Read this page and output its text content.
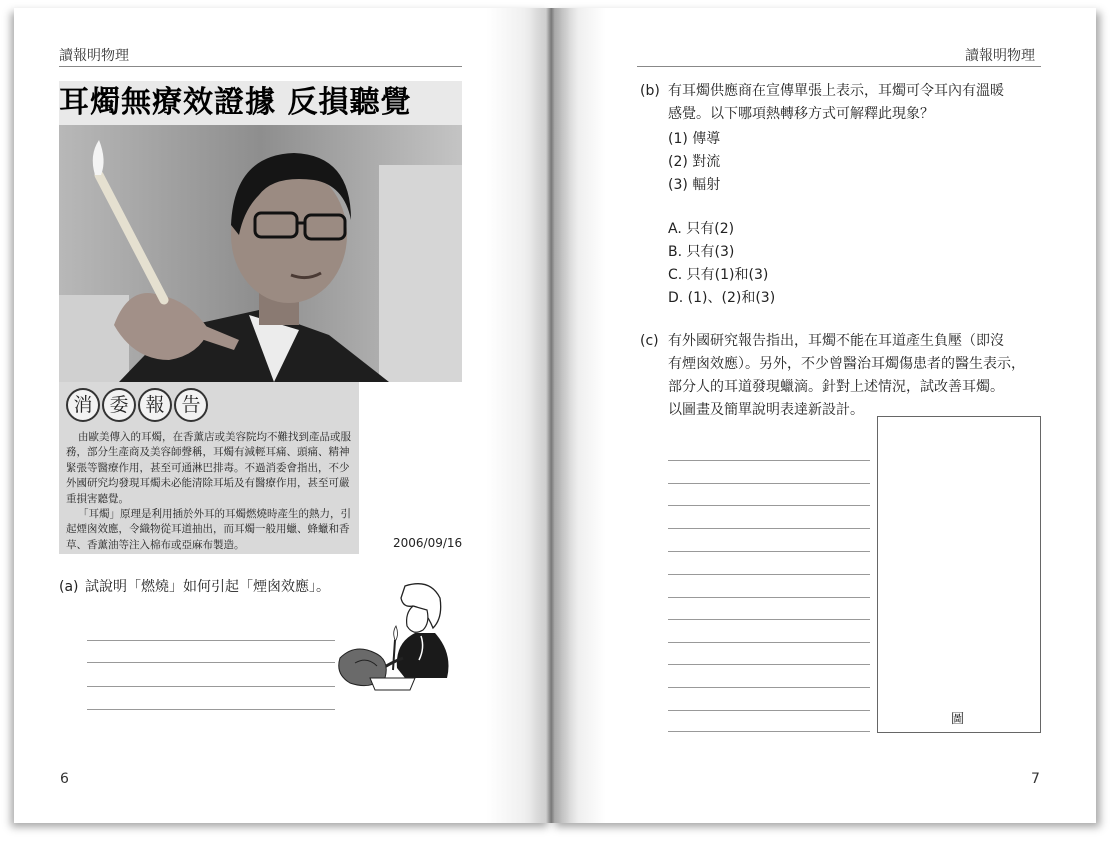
讀報明物理
耳燭無療效證據 反損聽覺
消 委 報 告

由歐美傳入的耳燭，在香薰店或美容院均不難找到產品或服務，部分生產商及美容師聲稱，耳燭有減輕耳痛、頭痛、精神緊張等醫療作用，甚至可通淋巴排毒。不過消委會指出，不少外國研究均發現耳燭未必能清除耳垢及有醫療作用，甚至可嚴重損害聽覺。

「耳燭」原理是利用插於外耳的耳燭燃燒時產生的熱力，引起煙囪效應，令織物從耳道抽出，而耳燭一般用蠟、蜂蠟和香草、香薰油等注入棉布或亞麻布製造。	2006/09/16
(a) 試說明「燃燒」如何引起「煙囪效應」。
6
讀報明物理
(b) 有耳燭供應商在宣傳單張上表示，耳燭可令耳內有溫暖
感覺。以下哪項熱轉移方式可解釋此現象？
(1) 傳導
(2) 對流
(3) 輻射
A. 只有(2)
B. 只有(3)
C. 只有(1)和(3)
D. (1)、(2)和(3)
(c) 有外國研究報告指出，耳燭不能在耳道產生負壓（即沒
有煙囪效應）。另外，不少曾醫治耳燭傷患者的醫生表示，
部分人的耳道發現蠟滴。針對上述情況，試改善耳燭。
以圖畫及簡單說明表達新設計。
圖
7
